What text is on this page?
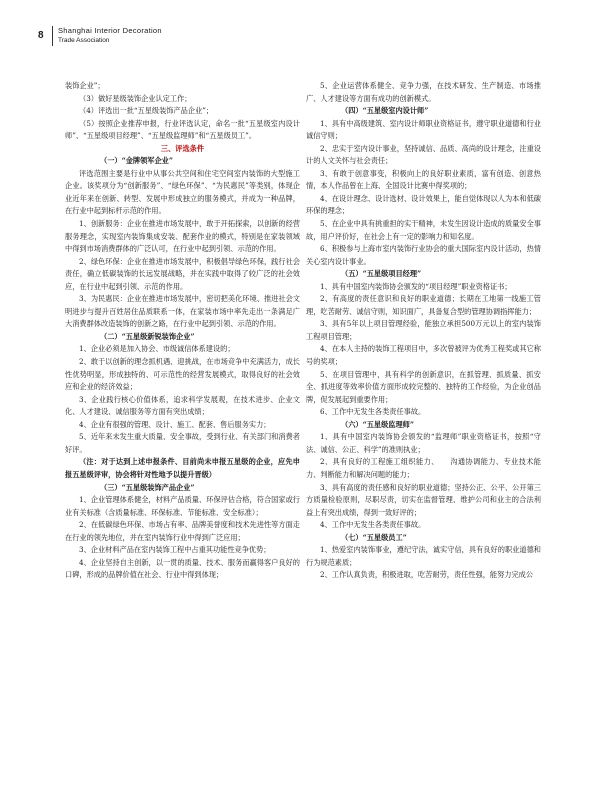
8 Shanghai Interior Decoration
Trade Association

装饰企业”；

（3）做好星级装饰企业认定工作；

（4）评选出一批“五星级装饰产品企业”；

（5）按照企业推荐申报，行业评选认定，命名一批“五星级室内设计师”、“五星级项目经理”、“五星级监理师”和“五星级员工”。

三、评选条件

（一）“金牌领军企业”

评选范围主要是行业中从事公共空间和住宅空间室内装饰的大型施工企业。该奖项分为“创新服务”、“绿色环保”、“为民惠民”等类别，体现企业近年来在创新、转型、发展中形成独立的服务模式，并成为一种品牌，在行业中起到标杆示范的作用。

1、创新服务：企业在推进市场发展中，敢于开拓探索，以创新的经营服务理念，实现室内装饰集成安装、配套作业的模式，特别是在家装领域中得到市场消费群体的广泛认可，在行业中起到引领、示范的作用。

2、绿色环保：企业在推进市场发展中，积极倡导绿色环保，践行社会责任，确立低碳装饰的长远发展战略，并在实践中取得了较广泛的社会效应，在行业中起到引领、示范的作用。

3、为民惠民：企业在推进市场发展中，密切把美化环境、推进社会文明进步与提升百姓居住品质联系一体，在家装市场中率先走出一条满足广大消费群体改造装饰的创新之路，在行业中起到引领、示范的作用。

（二）“五星级新锐装饰企业”

1、企业必须是加入协会、市级诚信体系建设的；

2、敢于以创新的理念抓机遇、迎挑战，在市场竞争中充满活力，成长性优势明显，形成独特的、可示范性的经营发展模式，取得良好的社会效应和企业的经济效益；

3、企业践行核心价值体系，追求科学发展观，在技术进步、企业文化、人才建设、诚信服务等方面有突出成绩；

4、企业有很强的管理、设计、施工、配套、售后服务实力；

5、近年来未发生重大质量、安全事故，受到行业、有关部门和消费者好评。

（注：对于达到上述申报条件、目前尚未申报五星级的企业，应先申报五星级评审，协会将针对性地予以提升晋级）

（三）“五星级装饰产品企业”

1、企业管理体系健全，材料产品质量、环保评估合格，符合国家或行业有关标准（含质量标准、环保标准、节能标准、安全标准）；

2、在低碳绿色环保、市场占有率、品牌美誉度和技术先进性等方面走在行业的领先地位，并在室内装饰行业中得到广泛应用；

3、企业材料产品在室内装饰工程中占重其功能性竞争优势；

4、企业坚持自主创新，以一贯的质量、技术、服务而赢得客户良好的口碑，形成的品牌价值在社会、行业中得到体现；

5、企业运营体系健全、竞争力强，在技术研发、生产制造、市场推广、人才建设等方面有成功的创新模式。

（四）“五星级室内设计师”

1、具有中高级建筑、室内设计师职业资格证书，遵守职业道德和行业诚信守则；

2、忠实于室内设计事业，坚持诚信、品质、高尚的设计理念，注重设计的人文关怀与社会责任；

3、有敢于创意事变，积极向上的良好职业素质，富有创造、创意热情，本人作品曾在上海、全国设计比赛中得奖项的；

4、在设计理念、设计选材、设计效果上，能自觉体现以人为本和低碳环保的理念；

5、在企业中具有挑重担的实干精神，未发生因设计造成的质量安全事故，用户评价好，在社会上有一定的影响力和知名度。

6、积极参与上海市室内装饰行业协会的重大国际室内设计活动，热情关心室内设计事业。

（五）“五星级项目经理”

1、具有中国室内装饰协会颁发的“项目经理”职业资格证书；

2、有高度的责任意识和良好的职业道德；长期在工地第一线施工管理，吃苦耐劳、诚信守则，知识面广，具备复合型的管理协调指挥能力；

3、具有5年以上项目管理经验，能独立承担500万元以上的室内装饰工程项目管理；

4、在本人主持的装饰工程项目中，多次曾被评为优秀工程奖或其它称号的奖项；

5、在项目管理中，具有科学的创新意识，在抓管理、抓质量、抓安全、抓进度等效率价值方面形成较完整的、独特的工作经验，为企业创品牌，促发展起到重要作用；

6、工作中无发生各类责任事故。

（六）“五星级监理师”

1、具有中国室内装饰协会颁发的“监理师”职业资格证书，按照“守法、诚信、公正、科学”的准则执业；

2、具有良好的工程施工组织能力、　　沟通协调能力、专业技术能力、判断能力和解决问题的能力；

3、具有高度的责任感和良好的职业道德；坚持公正、公平、公开第三方质量检验原则，尽职尽责，切实在监督管理、维护公司和业主的合法利益上有突出成绩，得到一致好评的；

4、工作中无发生各类责任事故。

（七）“五星级员工”

1、热爱室内装饰事业，遵纪守法，诚实守信，具有良好的职业道德和行为规范素质；

2、工作认真负责，积极进取，吃苦耐劳，责任性强，能努力完成公
